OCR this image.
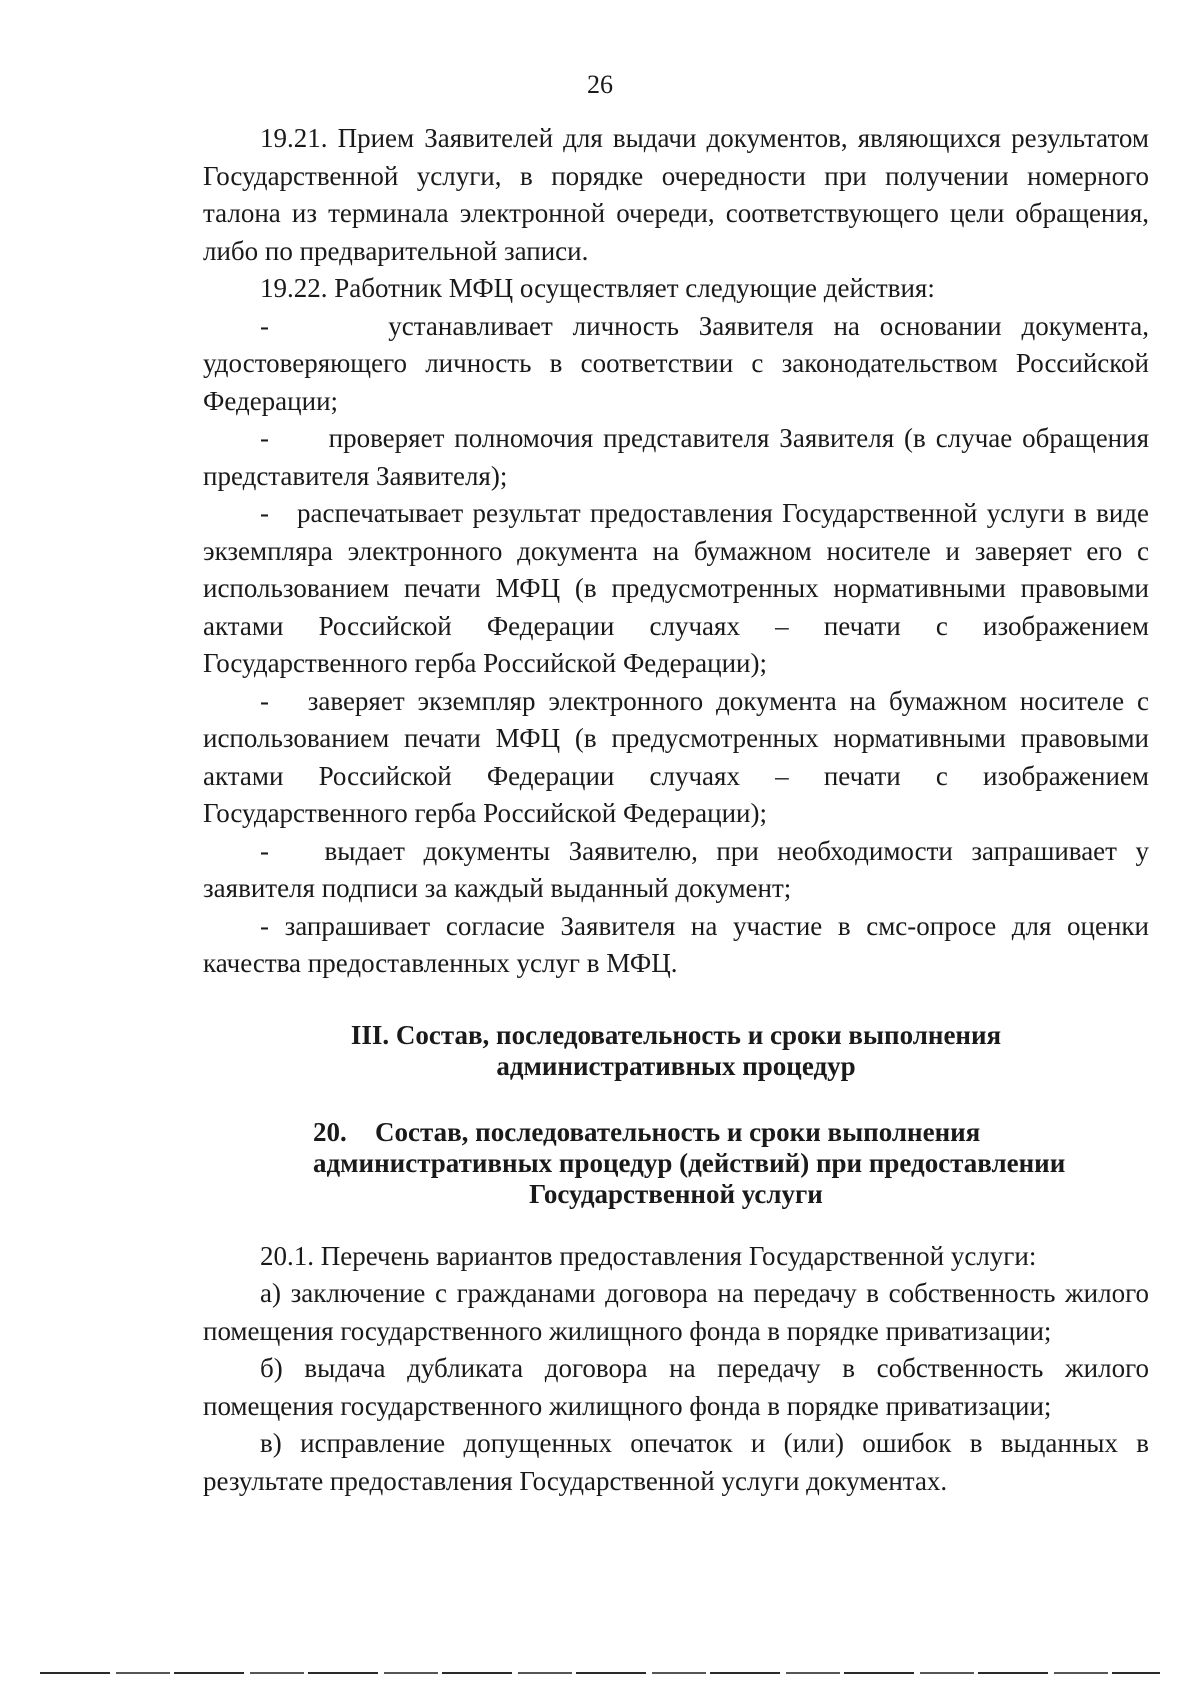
26

19.21. Прием Заявителей для выдачи документов, являющихся результатом Государственной услуги, в порядке очередности при получении номерного талона из терминала электронной очереди, соответствующего цели обращения, либо по предварительной записи.

19.22. Работник МФЦ осуществляет следующие действия:

-      устанавливает личность Заявителя на основании документа, удостоверяющего личность в соответствии с законодательством Российской Федерации;

-      проверяет полномочия представителя Заявителя (в случае обращения представителя Заявителя);

-   распечатывает результат предоставления Государственной услуги в виде экземпляра электронного документа на бумажном носителе и заверяет его с использованием печати МФЦ (в предусмотренных нормативными правовыми актами Российской Федерации случаях – печати с изображением Государственного герба Российской Федерации);

-   заверяет экземпляр электронного документа на бумажном носителе с использованием печати МФЦ (в предусмотренных нормативными правовыми актами Российской Федерации случаях – печати с изображением Государственного герба Российской Федерации);

-   выдает документы Заявителю, при необходимости запрашивает у заявителя подписи за каждый выданный документ;

- запрашивает согласие Заявителя на участие в смс-опросе для оценки качества предоставленных услуг в МФЦ.

III. Состав, последовательность и сроки выполнения
административных процедур
20. Состав, последовательность и сроки выполнения
административных процедур (действий) при предоставлении
Государственной услуги

20.1. Перечень вариантов предоставления Государственной услуги:

а) заключение с гражданами договора на передачу в собственность жилого помещения государственного жилищного фонда в порядке приватизации;

б) выдача дубликата договора на передачу в собственность жилого помещения государственного жилищного фонда в порядке приватизации;

в) исправление допущенных опечаток и (или) ошибок в выданных в результате предоставления Государственной услуги документах.
